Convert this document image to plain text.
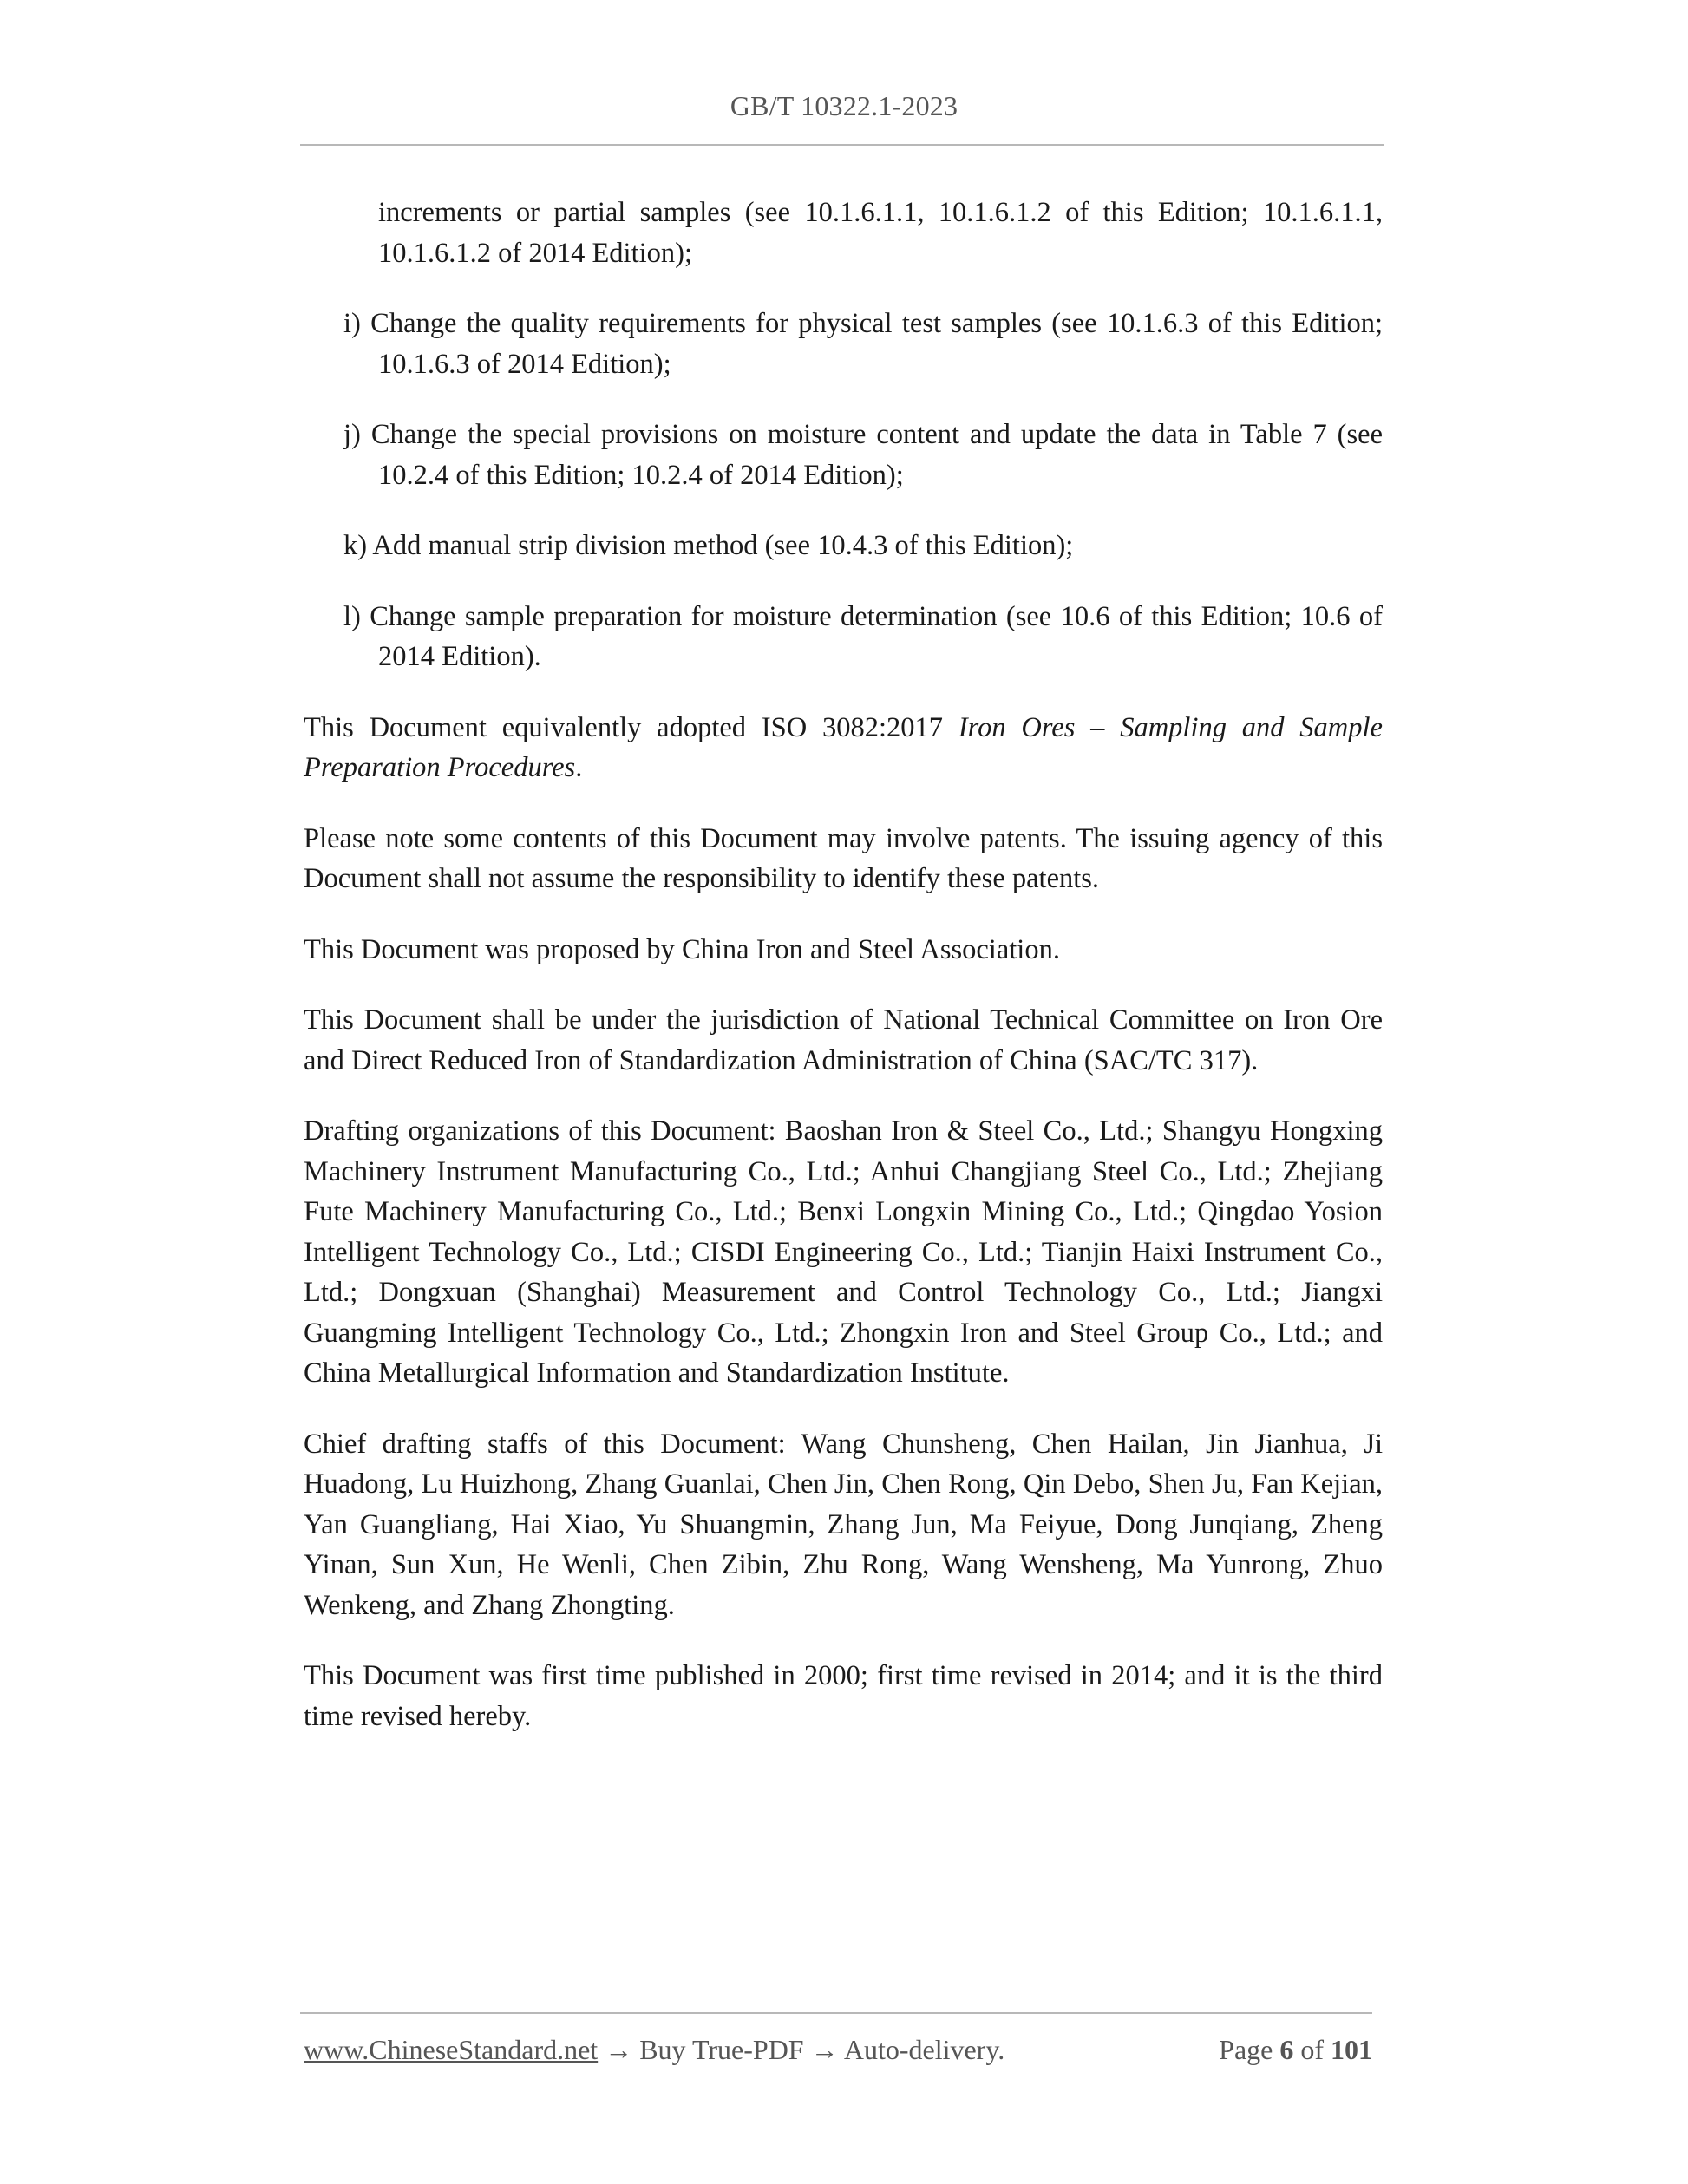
GB/T 10322.1-2023
increments or partial samples (see 10.1.6.1.1, 10.1.6.1.2 of this Edition; 10.1.6.1.1, 10.1.6.1.2 of 2014 Edition);
i) Change the quality requirements for physical test samples (see 10.1.6.3 of this Edition; 10.1.6.3 of 2014 Edition);
j) Change the special provisions on moisture content and update the data in Table 7 (see 10.2.4 of this Edition; 10.2.4 of 2014 Edition);
k) Add manual strip division method (see 10.4.3 of this Edition);
l) Change sample preparation for moisture determination (see 10.6 of this Edition; 10.6 of 2014 Edition).

This Document equivalently adopted ISO 3082:2017 Iron Ores – Sampling and Sample Preparation Procedures.

Please note some contents of this Document may involve patents. The issuing agency of this Document shall not assume the responsibility to identify these patents.

This Document was proposed by China Iron and Steel Association.

This Document shall be under the jurisdiction of National Technical Committee on Iron Ore and Direct Reduced Iron of Standardization Administration of China (SAC/TC 317).

Drafting organizations of this Document: Baoshan Iron & Steel Co., Ltd.; Shangyu Hongxing Machinery Instrument Manufacturing Co., Ltd.; Anhui Changjiang Steel Co., Ltd.; Zhejiang Fute Machinery Manufacturing Co., Ltd.; Benxi Longxin Mining Co., Ltd.; Qingdao Yosion Intelligent Technology Co., Ltd.; CISDI Engineering Co., Ltd.; Tianjin Haixi Instrument Co., Ltd.; Dongxuan (Shanghai) Measurement and Control Technology Co., Ltd.; Jiangxi Guangming Intelligent Technology Co., Ltd.; Zhongxin Iron and Steel Group Co., Ltd.; and China Metallurgical Information and Standardization Institute.

Chief drafting staffs of this Document: Wang Chunsheng, Chen Hailan, Jin Jianhua, Ji Huadong, Lu Huizhong, Zhang Guanlai, Chen Jin, Chen Rong, Qin Debo, Shen Ju, Fan Kejian, Yan Guangliang, Hai Xiao, Yu Shuangmin, Zhang Jun, Ma Feiyue, Dong Junqiang, Zheng Yinan, Sun Xun, He Wenli, Chen Zibin, Zhu Rong, Wang Wensheng, Ma Yunrong, Zhuo Wenkeng, and Zhang Zhongting.

This Document was first time published in 2000; first time revised in 2014; and it is the third time revised hereby.

www.ChineseStandard.net → Buy True-PDF → Auto-delivery.	Page 6 of 101
